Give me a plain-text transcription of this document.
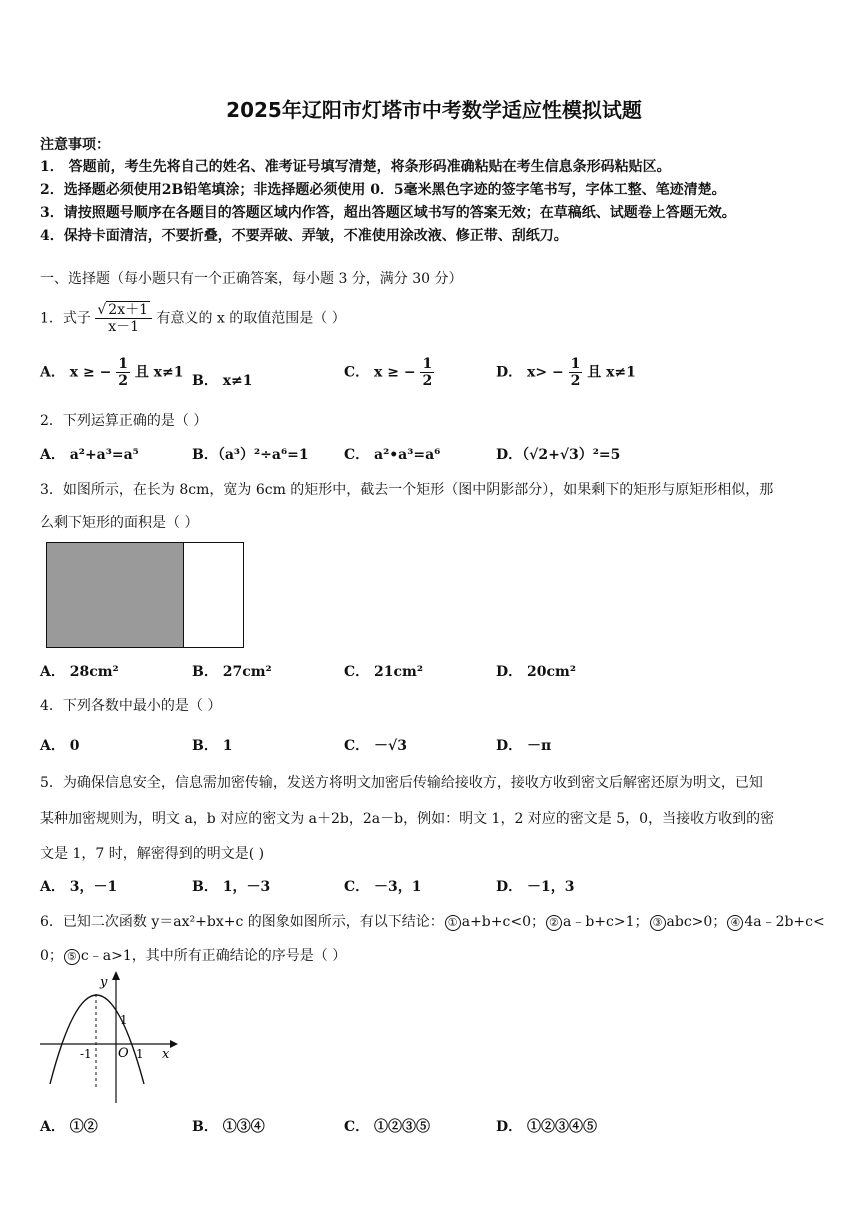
2025年辽阳市灯塔市中考数学适应性模拟试题
注意事项：
1． 答题前，考生先将自己的姓名、准考证号填写清楚，将条形码准确粘贴在考生信息条形码粘贴区。
2．选择题必须使用2B铅笔填涂；非选择题必须使用 0．5毫米黑色字迹的签字笔书写，字体工整、笔迹清楚。
3．请按照题号顺序在各题目的答题区域内作答，超出答题区域书写的答案无效；在草稿纸、试题卷上答题无效。
4．保持卡面清洁，不要折叠，不要弄破、弄皱，不准使用涂改液、修正带、刮纸刀。
一、选择题（每小题只有一个正确答案，每小题 3 分，满分 30 分）
1．式子 $\frac{√ 2x+1}{x-1}$ 有意义的 x 的取值范围是（ ）
A． x ≥ − $\frac{1}{2}$ 且 x≠1
B． x≠1
C． x ≥ − $\frac{1}{2}$	D． $x> - \frac{1}{2}$ 且 x≠1
2．下列运算正确的是（ ）
A． a²+a³=a⁵	B．（a³）²÷a⁶=1	C． a²•a³=a⁶	D．（√2+√3）²=5
3．如图所示，在长为 8cm，宽为 6cm 的矩形中，截去一个矩形（图中阴影部分），如果剩下的矩形与原矩形相似，那
么剩下矩形的面积是（ ）
A． 28cm²	B． 27cm²	C． 21cm²	D． 20cm²
4．下列各数中最小的是（ ）
A． 0	B． 1	C． －√3	D． －π
5．为确保信息安全，信息需加密传输，发送方将明文加密后传输给接收方，接收方收到密文后解密还原为明文，已知
某种加密规则为，明文 a，b 对应的密文为 a＋2b，2a－b，例如：明文 1，2 对应的密文是 5，0，当接收方收到的密
文是 1，7 时，解密得到的明文是( )
A． 3，－1	B． 1，－3	C． －3，1	D． －1，3
6．已知二次函数 y＝ax²+bx+c 的图象如图所示，有以下结论： ① a+b+c<0； ② a﹣b+c>1； ③ abc>0； ④ 4a﹣2b+c<
0； ⑤ c﹣a>1，其中所有正确结论的序号是（ ）
y
x
1
-1 O 1
A． ①②	B． ①③④	C． ①②③⑤	D． ①②③④⑤
